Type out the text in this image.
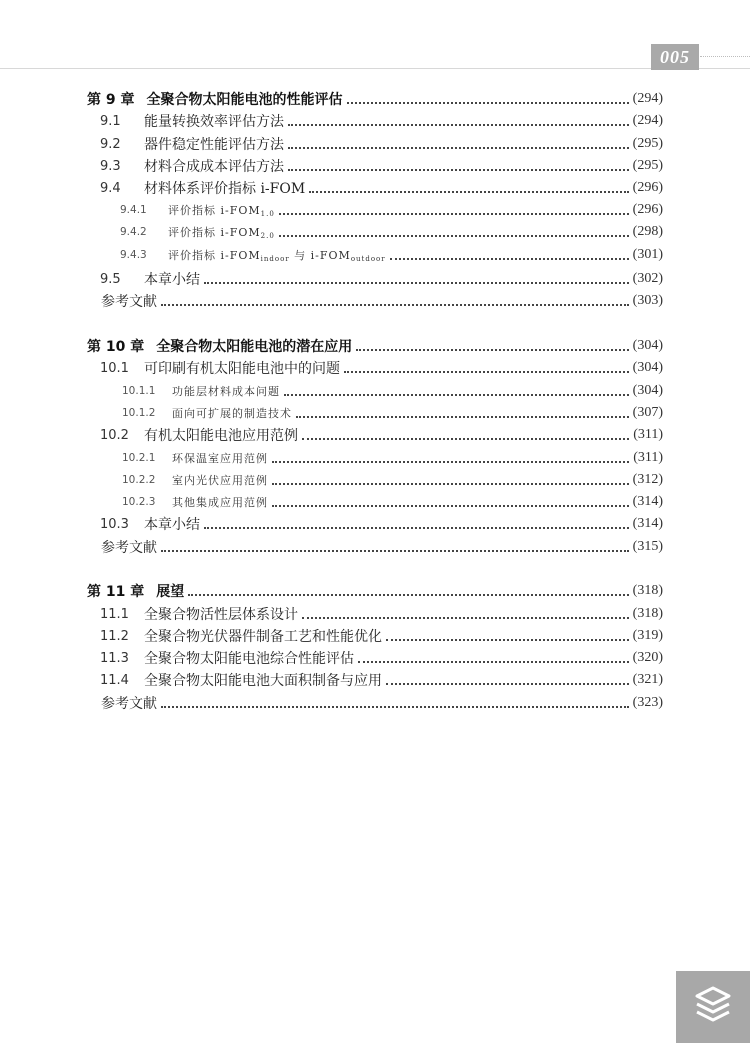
005
第 9 章 全聚合物太阳能电池的性能评估	(294)
9.1	能量转换效率评估方法	(294)
9.2	器件稳定性能评估方法	(295)
9.3	材料合成成本评估方法	(295)
9.4	材料体系评价指标 i-FOM	(296)
9.4.1	评价指标 $i-FOM_{1.0}$	(296)
9.4.2	评价指标 $i-FOM_{2.0}$	(298)
9.4.3	评价指标 $i-FOM_{indoor}$ 与 $i-FOM_{outdoor}$	(301)
9.5	本章小结	(302)
参考文献	(303)
第 10 章 全聚合物太阳能电池的潜在应用	(304)
10.1	可印刷有机太阳能电池中的问题	(304)
10.1.1	功能层材料成本问题	(304)
10.1.2	面向可扩展的制造技术	(307)
10.2	有机太阳能电池应用范例	(311)
10.2.1	环保温室应用范例	(311)
10.2.2	室内光伏应用范例	(312)
10.2.3	其他集成应用范例	(314)
10.3	本章小结	(314)
参考文献	(315)
第 11 章 展望	(318)
11.1	全聚合物活性层体系设计	(318)
11.2	全聚合物光伏器件制备工艺和性能优化	(319)
11.3	全聚合物太阳能电池综合性能评估	(320)
11.4	全聚合物太阳能电池大面积制备与应用	(321)
参考文献	(323)
